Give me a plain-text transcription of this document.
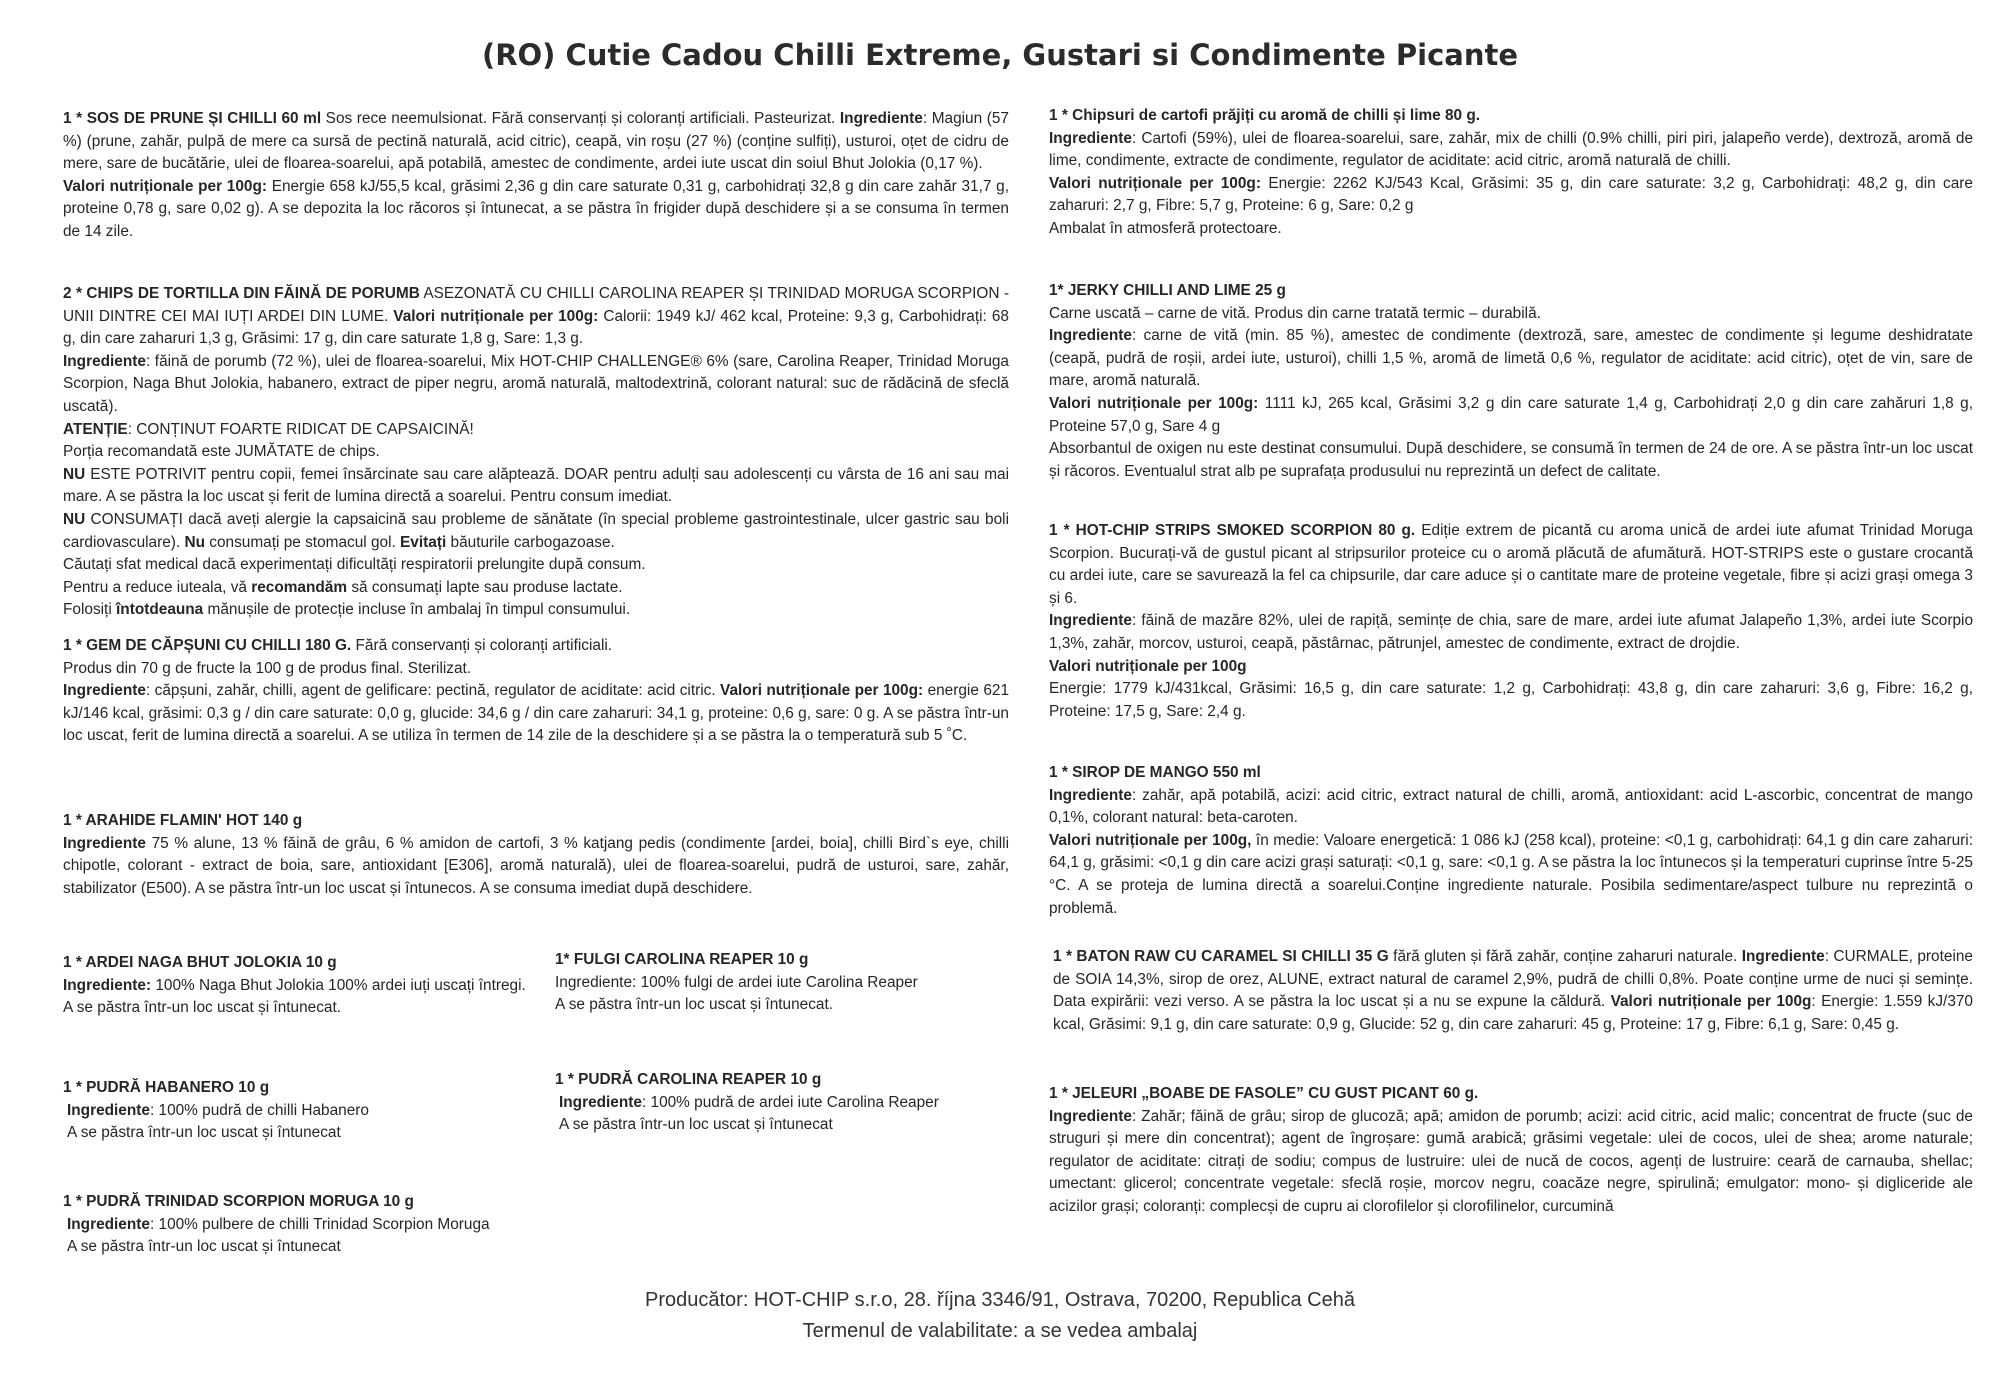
(RO) Cutie Cadou Chilli Extreme, Gustari si Condimente Picante

1 * SOS DE PRUNE ȘI CHILLI 60 ml Sos rece neemulsionat. Fără conservanți și coloranți artificiali. Pasteurizat. Ingrediente: Magiun (57 %) (prune, zahăr, pulpă de mere ca sursă de pectină naturală, acid citric), ceapă, vin roșu (27 %) (conține sulfiți), usturoi, oțet de cidru de mere, sare de bucătărie, ulei de floarea-soarelui, apă potabilă, amestec de condimente, ardei iute uscat din soiul Bhut Jolokia (0,17 %).

Valori nutriționale per 100g: Energie 658 kJ/55,5 kcal, grăsimi 2,36 g din care saturate 0,31 g, carbohidrați 32,8 g din care zahăr 31,7 g, proteine 0,78 g, sare 0,02 g). A se depozita la loc răcoros și întunecat, a se păstra în frigider după deschidere și a se consuma în termen de 14 zile.

2 * CHIPS DE TORTILLA DIN FĂINĂ DE PORUMB ASEZONATĂ CU CHILLI CAROLINA REAPER ȘI TRINIDAD MORUGA SCORPION - UNII DINTRE CEI MAI IUȚI ARDEI DIN LUME. Valori nutriționale per 100g: Calorii: 1949 kJ/ 462 kcal, Proteine: 9,3 g, Carbohidrați: 68 g, din care zaharuri 1,3 g, Grăsimi: 17 g, din care saturate 1,8 g, Sare: 1,3 g.

Ingrediente: făină de porumb (72 %), ulei de floarea-soarelui, Mix HOT-CHIP CHALLENGE® 6% (sare, Carolina Reaper, Trinidad Moruga Scorpion, Naga Bhut Jolokia, habanero, extract de piper negru, aromă naturală, maltodextrină, colorant natural: suc de rădăcină de sfeclă uscată).

ATENȚIE: CONȚINUT FOARTE RIDICAT DE CAPSAICINĂ!

Porția recomandată este JUMĂTATE de chips.

NU ESTE POTRIVIT pentru copii, femei însărcinate sau care alăptează. DOAR pentru adulți sau adolescenți cu vârsta de 16 ani sau mai mare. A se păstra la loc uscat și ferit de lumina directă a soarelui. Pentru consum imediat.

NU CONSUMAȚI dacă aveți alergie la capsaicină sau probleme de sănătate (în special probleme gastrointestinale, ulcer gastric sau boli cardiovasculare). Nu consumați pe stomacul gol. Evitați băuturile carbogazoase.

Căutați sfat medical dacă experimentați dificultăți respiratorii prelungite după consum.

Pentru a reduce iuteala, vă recomandăm să consumați lapte sau produse lactate.

Folosiți întotdeauna mănușile de protecție incluse în ambalaj în timpul consumului.

1 * GEM DE CĂPȘUNI CU CHILLI 180 G. Fără conservanți și coloranți artificiali.

Produs din 70 g de fructe la 100 g de produs final. Sterilizat.

Ingrediente: căpșuni, zahăr, chilli, agent de gelificare: pectină, regulator de aciditate: acid citric. Valori nutriționale per 100g: energie 621 kJ/146 kcal, grăsimi: 0,3 g / din care saturate: 0,0 g, glucide: 34,6 g / din care zaharuri: 34,1 g, proteine: 0,6 g, sare: 0 g. A se păstra într-un loc uscat, ferit de lumina directă a soarelui. A se utiliza în termen de 14 zile de la deschidere și a se păstra la o temperatură sub 5 ˚C.

1 * ARAHIDE FLAMIN' HOT 140 g

Ingrediente 75 % alune, 13 % făină de grâu, 6 % amidon de cartofi, 3 % katjang pedis (condimente [ardei, boia], chilli Bird`s eye, chilli chipotle, colorant - extract de boia, sare, antioxidant [E306], aromă naturală), ulei de floarea-soarelui, pudră de usturoi, sare, zahăr, stabilizator (E500). A se păstra într-un loc uscat și întunecos. A se consuma imediat după deschidere.

1 * ARDEI NAGA BHUT JOLOKIA 10 g

Ingrediente: 100% Naga Bhut Jolokia 100% ardei iuți uscați întregi.

A se păstra într-un loc uscat și întunecat.

1* FULGI CAROLINA REAPER 10 g

Ingrediente: 100% fulgi de ardei iute Carolina Reaper

A se păstra într-un loc uscat și întunecat.

1 * PUDRĂ HABANERO 10 g

Ingrediente: 100% pudră de chilli Habanero

A se păstra într-un loc uscat și întunecat

1 * PUDRĂ CAROLINA REAPER 10 g

Ingrediente: 100% pudră de ardei iute Carolina Reaper

A se păstra într-un loc uscat și întunecat

1 * PUDRĂ TRINIDAD SCORPION MORUGA 10 g

Ingrediente: 100% pulbere de chilli Trinidad Scorpion Moruga

A se păstra într-un loc uscat și întunecat

1 * Chipsuri de cartofi prăjiți cu aromă de chilli și lime 80 g.

Ingrediente: Cartofi (59%), ulei de floarea-soarelui, sare, zahăr, mix de chilli (0.9% chilli, piri piri, jalapeño verde), dextroză, aromă de lime, condimente, extracte de condimente, regulator de aciditate: acid citric, aromă naturală de chilli.

Valori nutriționale per 100g: Energie: 2262 KJ/543 Kcal, Grăsimi: 35 g, din care saturate: 3,2 g, Carbohidrați: 48,2 g, din care zaharuri: 2,7 g, Fibre: 5,7 g, Proteine: 6 g, Sare: 0,2 g

Ambalat în atmosferă protectoare.

1* JERKY CHILLI AND LIME 25 g

Carne uscată – carne de vită. Produs din carne tratată termic – durabilă.

Ingrediente: carne de vită (min. 85 %), amestec de condimente (dextroză, sare, amestec de condimente și legume deshidratate (ceapă, pudră de roșii, ardei iute, usturoi), chilli 1,5 %, aromă de limetă 0,6 %, regulator de aciditate: acid citric), oțet de vin, sare de mare, aromă naturală.

Valori nutriționale per 100g: 1111 kJ, 265 kcal, Grăsimi 3,2 g din care saturate 1,4 g, Carbohidrați 2,0 g din care zahăruri 1,8 g, Proteine 57,0 g, Sare 4 g

Absorbantul de oxigen nu este destinat consumului. După deschidere, se consumă în termen de 24 de ore. A se păstra într-un loc uscat și răcoros. Eventualul strat alb pe suprafața produsului nu reprezintă un defect de calitate.

1 * HOT-CHIP STRIPS SMOKED SCORPION 80 g. Ediție extrem de picantă cu aroma unică de ardei iute afumat Trinidad Moruga Scorpion. Bucurați-vă de gustul picant al stripsurilor proteice cu o aromă plăcută de afumătură. HOT-STRIPS este o gustare crocantă cu ardei iute, care se savurează la fel ca chipsurile, dar care aduce și o cantitate mare de proteine vegetale, fibre și acizi grași omega 3 și 6.

Ingrediente: făină de mazăre 82%, ulei de rapiță, semințe de chia, sare de mare, ardei iute afumat Jalapeño 1,3%, ardei iute Scorpio 1,3%, zahăr, morcov, usturoi, ceapă, păstârnac, pătrunjel, amestec de condimente, extract de drojdie.

Valori nutriționale per 100g

Energie: 1779 kJ/431kcal, Grăsimi: 16,5 g, din care saturate: 1,2 g, Carbohidrați: 43,8 g, din care zaharuri: 3,6 g, Fibre: 16,2 g, Proteine: 17,5 g, Sare: 2,4 g.

1 * SIROP DE MANGO 550 ml

Ingrediente: zahăr, apă potabilă, acizi: acid citric, extract natural de chilli, aromă, antioxidant: acid L-ascorbic, concentrat de mango 0,1%, colorant natural: beta-caroten.

Valori nutriționale per 100g, în medie: Valoare energetică: 1 086 kJ (258 kcal), proteine: <0,1 g, carbohidrați: 64,1 g din care zaharuri: 64,1 g, grăsimi: <0,1 g din care acizi grași saturați: <0,1 g, sare: <0,1 g. A se păstra la loc întunecos și la temperaturi cuprinse între 5-25 °C. A se proteja de lumina directă a soarelui.Conține ingrediente naturale. Posibila sedimentare/aspect tulbure nu reprezintă o problemă.

1 * BATON RAW CU CARAMEL SI CHILLI 35 G fără gluten și fără zahăr, conține zaharuri naturale. Ingrediente: CURMALE, proteine de SOIA 14,3%, sirop de orez, ALUNE, extract natural de caramel 2,9%, pudră de chilli 0,8%. Poate conține urme de nuci și semințe. Data expirării: vezi verso. A se păstra la loc uscat și a nu se expune la căldură. Valori nutriționale per 100g: Energie: 1.559 kJ/370 kcal, Grăsimi: 9,1 g, din care saturate: 0,9 g, Glucide: 52 g, din care zaharuri: 45 g, Proteine: 17 g, Fibre: 6,1 g, Sare: 0,45 g.

1 * JELEURI „BOABE DE FASOLE” CU GUST PICANT 60 g.

Ingrediente: Zahăr; făină de grâu; sirop de glucoză; apă; amidon de porumb; acizi: acid citric, acid malic; concentrat de fructe (suc de struguri și mere din concentrat); agent de îngroșare: gumă arabică; grăsimi vegetale: ulei de cocos, ulei de shea; arome naturale; regulator de aciditate: citrați de sodiu; compus de lustruire: ulei de nucă de cocos, agenți de lustruire: ceară de carnauba, shellac; umectant: glicerol; concentrate vegetale: sfeclă roșie, morcov negru, coacăze negre, spirulină; emulgator: mono- și digliceride ale acizilor grași; coloranți: complecși de cupru ai clorofilelor și clorofilinelor, curcumină

Producător: HOT-CHIP s.r.o, 28. října 3346/91, Ostrava, 70200, Republica Cehă
Termenul de valabilitate: a se vedea ambalaj
